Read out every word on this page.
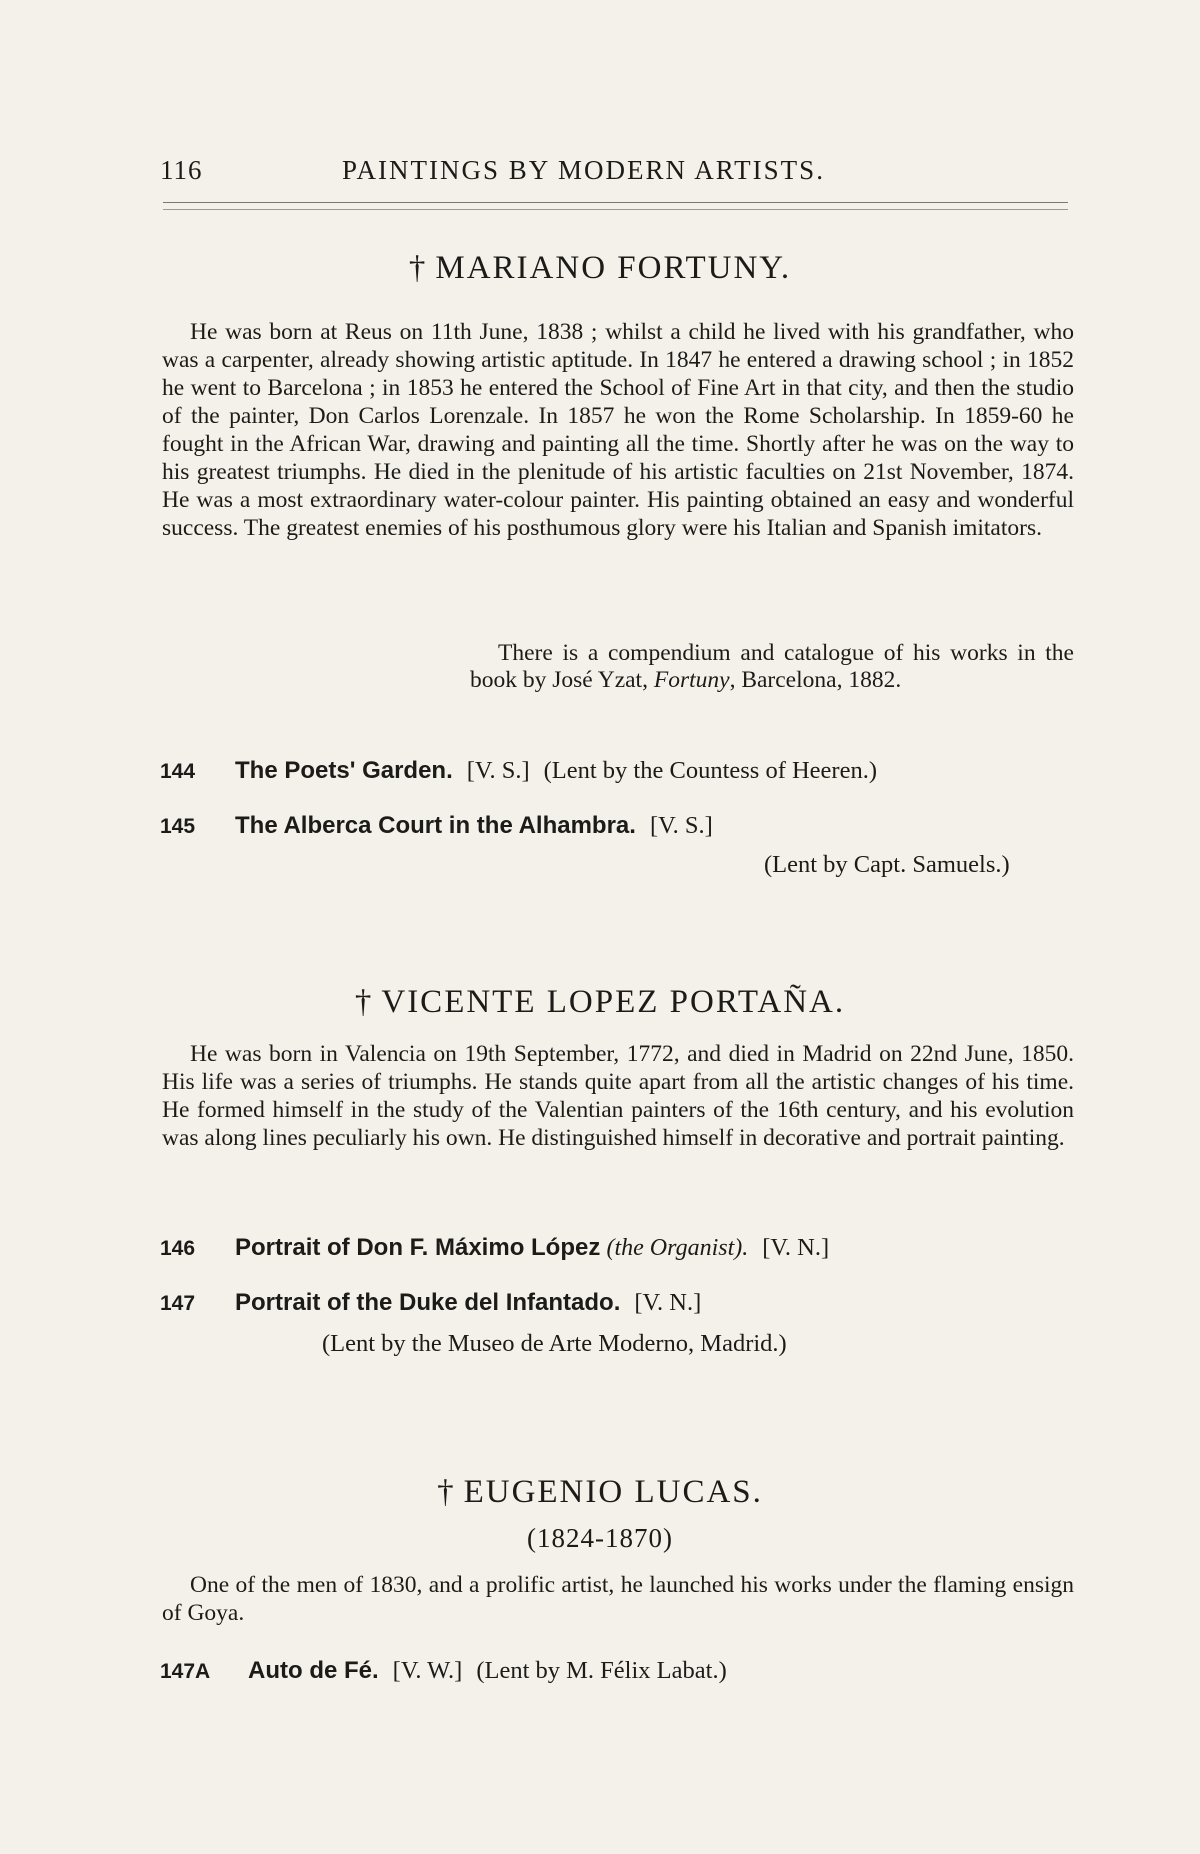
116	PAINTINGS BY MODERN ARTISTS.
† MARIANO FORTUNY.

He was born at Reus on 11th June, 1838 ; whilst a child he lived with his grandfather, who was a carpenter, already showing artistic aptitude. In 1847 he entered a drawing school ; in 1852 he went to Barcelona ; in 1853 he entered the School of Fine Art in that city, and then the studio of the painter, Don Carlos Lorenzale. In 1857 he won the Rome Scholarship. In 1859-60 he fought in the African War, drawing and painting all the time. Shortly after he was on the way to his greatest triumphs. He died in the plenitude of his artistic faculties on 21st November, 1874. He was a most extraordinary water-colour painter. His painting obtained an easy and wonderful success. The greatest enemies of his posthumous glory were his Italian and Spanish imitators.

There is a compendium and catalogue of his works in the book by José Yzat, Fortuny, Barcelona, 1882.

144 The Poets' Garden. [V. S.] (Lent by the Countess of Heeren.)
145 The Alberca Court in the Alhambra. [V. S.]
(Lent by Capt. Samuels.)
† VICENTE LOPEZ PORTAÑA.

He was born in Valencia on 19th September, 1772, and died in Madrid on 22nd June, 1850. His life was a series of triumphs. He stands quite apart from all the artistic changes of his time. He formed himself in the study of the Valentian painters of the 16th century, and his evolution was along lines peculiarly his own. He distinguished himself in decorative and portrait painting.

146 Portrait of Don F. Máximo López (the Organist). [V. N.]
147 Portrait of the Duke del Infantado. [V. N.]
(Lent by the Museo de Arte Moderno, Madrid.)
† EUGENIO LUCAS.
(1824-1870)

One of the men of 1830, and a prolific artist, he launched his works under the flaming ensign of Goya.

147A Auto de Fé. [V. W.] (Lent by M. Félix Labat.)
